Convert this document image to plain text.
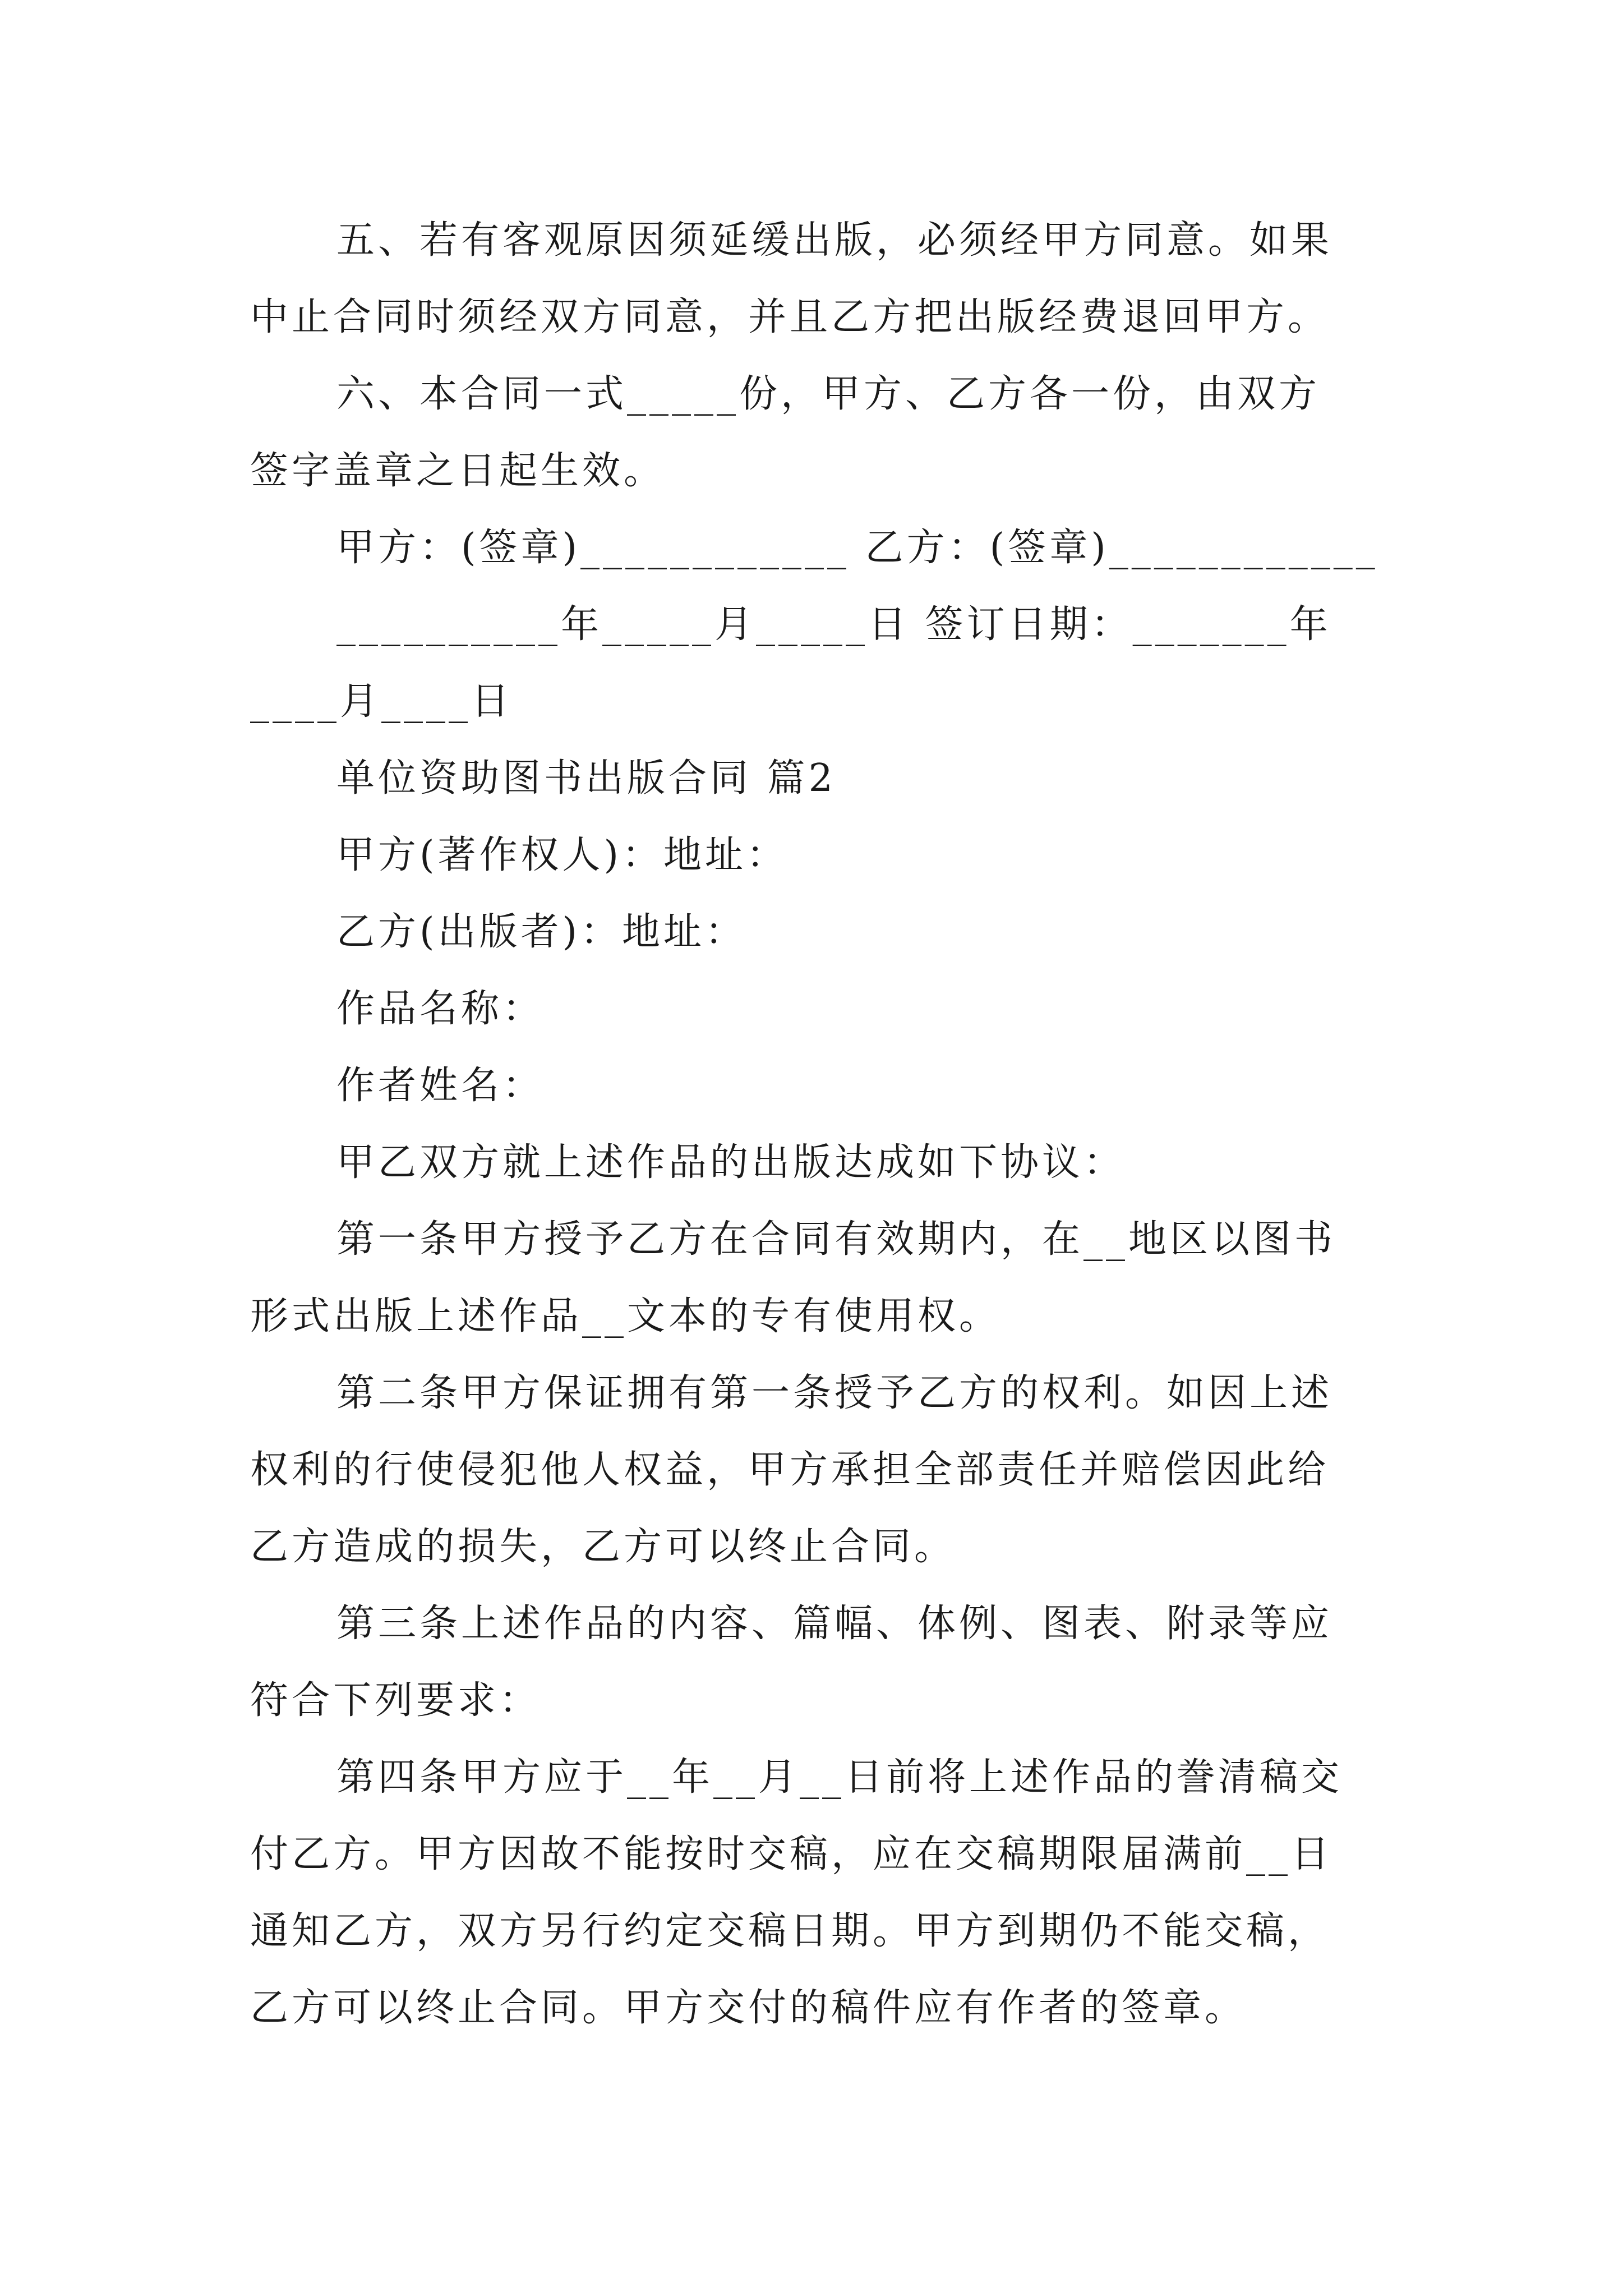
五、若有客观原因须延缓出版，必须经甲方同意。如果
中止合同时须经双方同意，并且乙方把出版经费退回甲方。
六、本合同一式_____份，甲方、乙方各一份，由双方
签字盖章之日起生效。
甲方：(签章)____________ 乙方：(签章)____________
__________年_____月_____日 签订日期：_______年
____月____日
单位资助图书出版合同 篇2
甲方(著作权人)：地址：
乙方(出版者)：地址：
作品名称：
作者姓名：
甲乙双方就上述作品的出版达成如下协议：
第一条甲方授予乙方在合同有效期内，在__地区以图书
形式出版上述作品__文本的专有使用权。
第二条甲方保证拥有第一条授予乙方的权利。如因上述
权利的行使侵犯他人权益，甲方承担全部责任并赔偿因此给
乙方造成的损失，乙方可以终止合同。
第三条上述作品的内容、篇幅、体例、图表、附录等应
符合下列要求：
第四条甲方应于__年__月__日前将上述作品的誊清稿交
付乙方。甲方因故不能按时交稿，应在交稿期限届满前__日
通知乙方，双方另行约定交稿日期。甲方到期仍不能交稿，
乙方可以终止合同。甲方交付的稿件应有作者的签章。
